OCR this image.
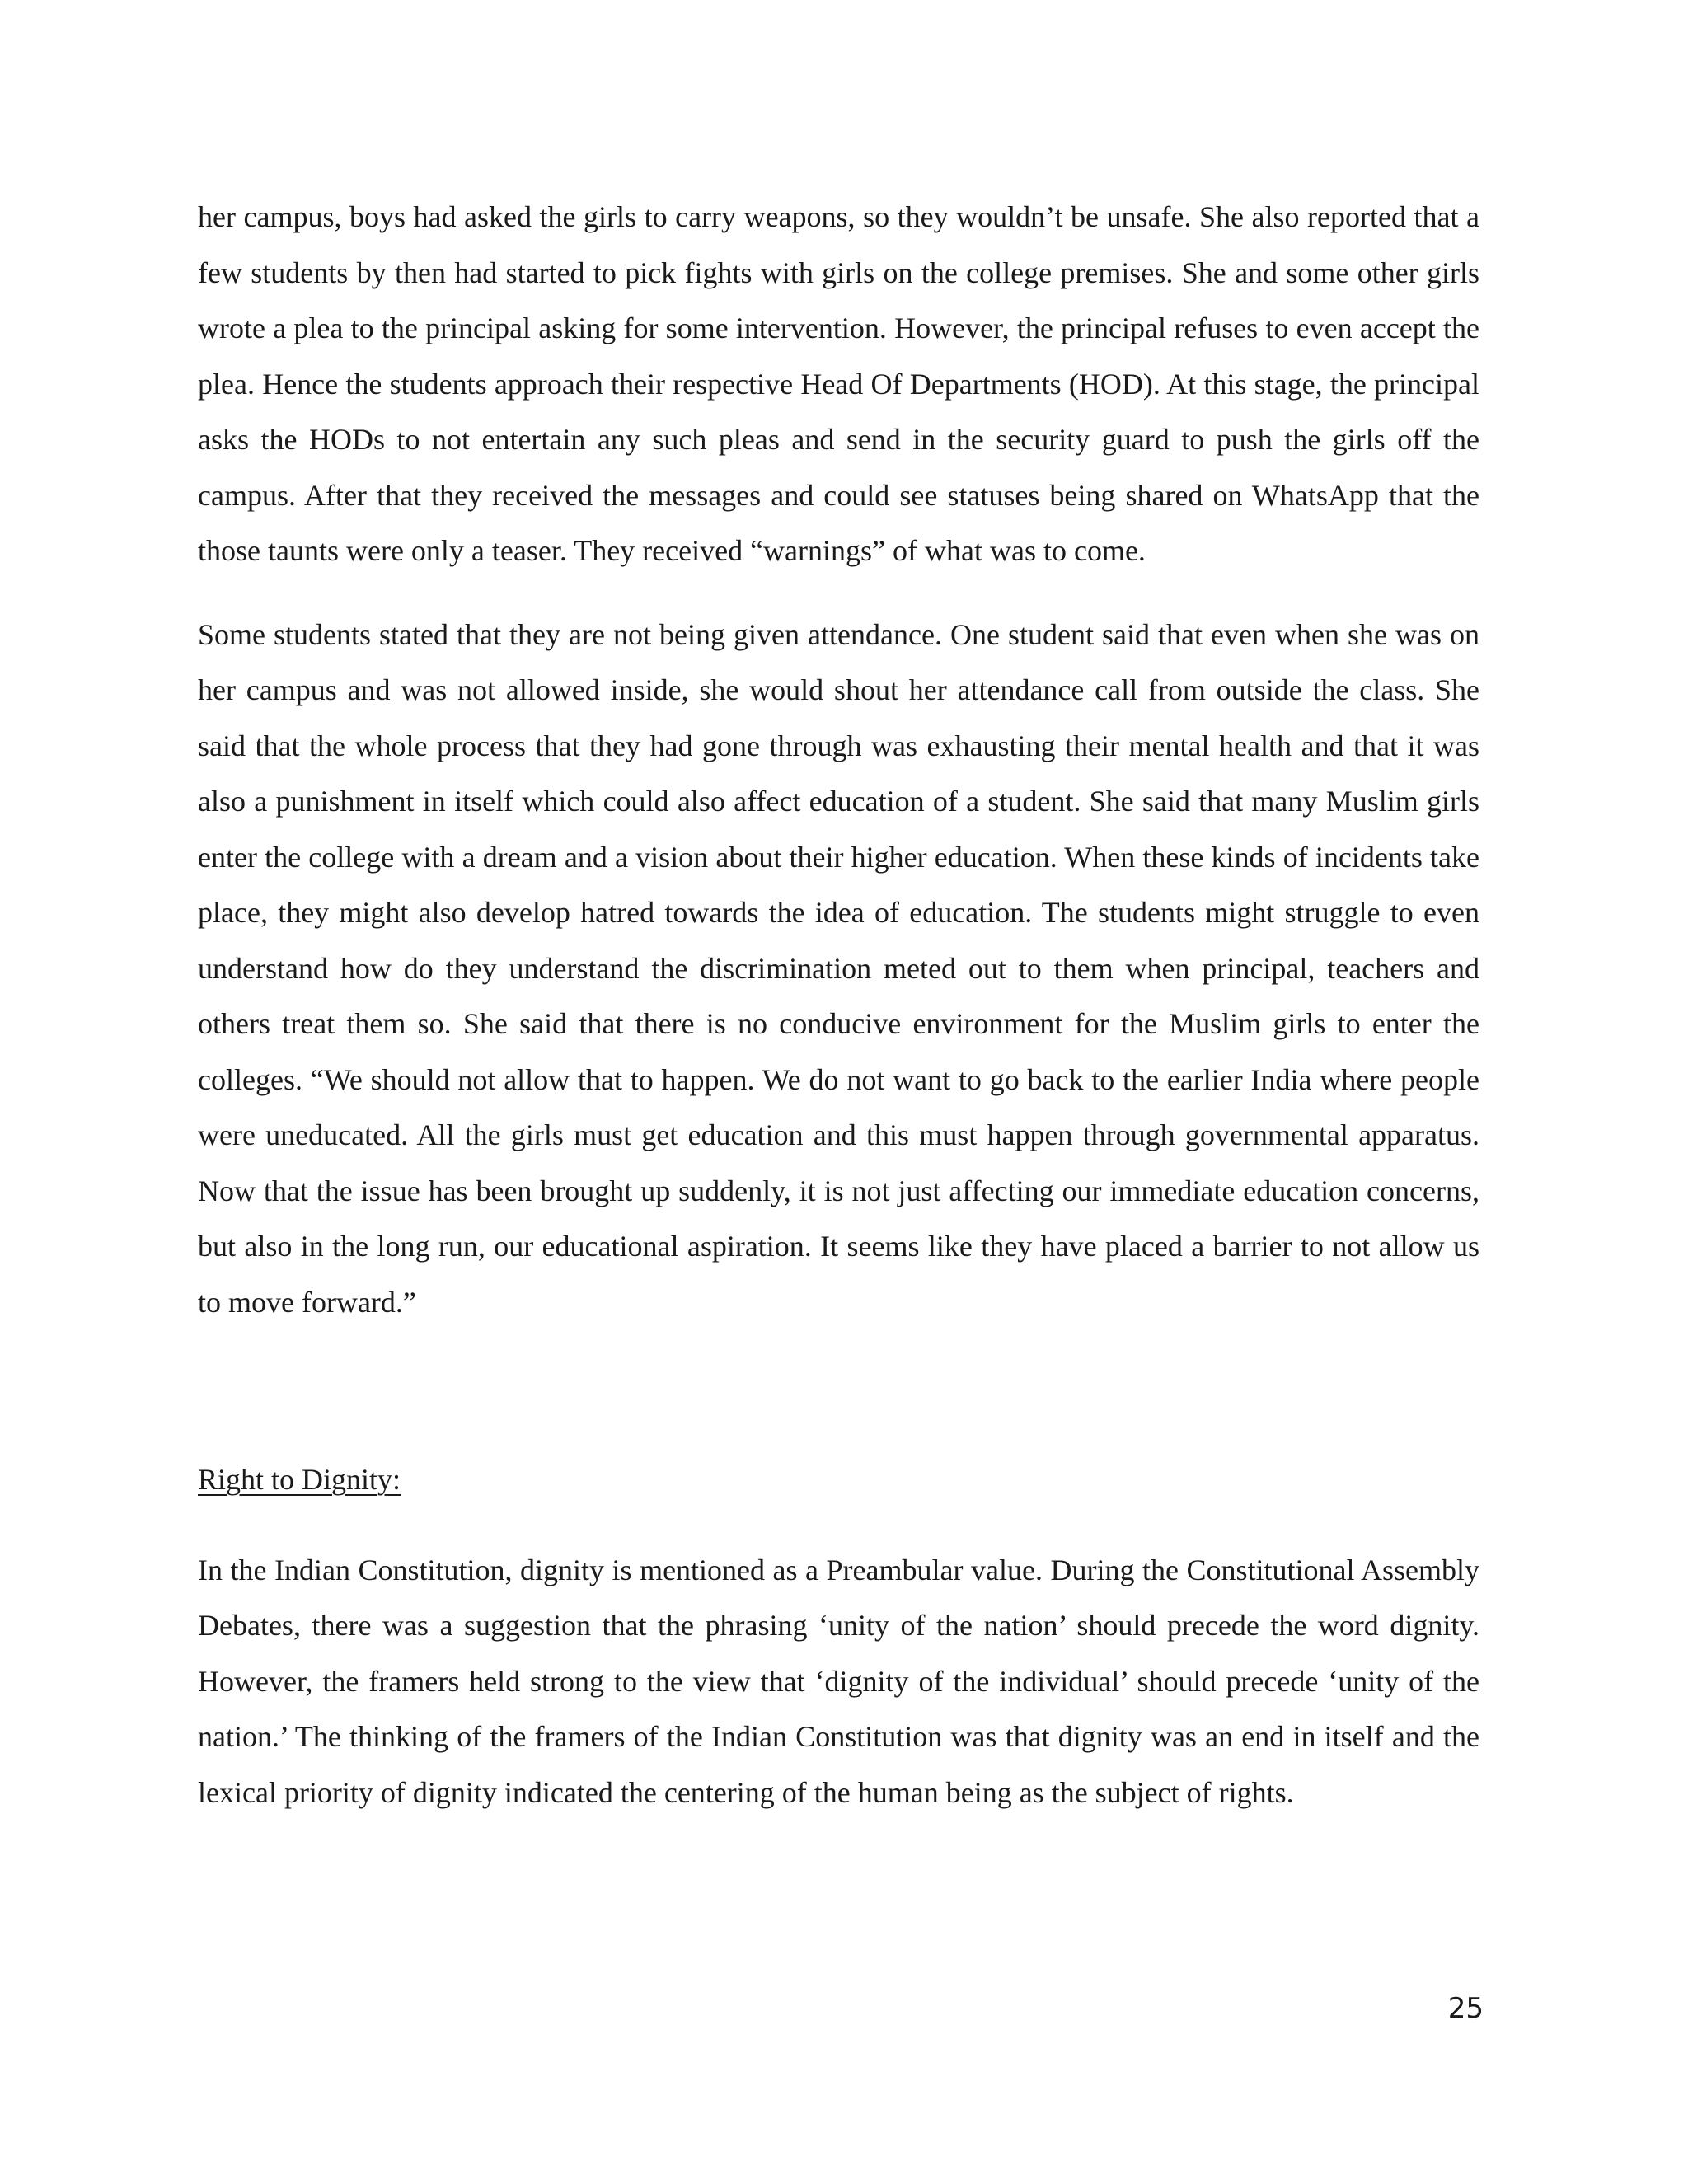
her campus, boys had asked the girls to carry weapons, so they wouldn’t be unsafe. She also reported that a few students by then had started to pick fights with girls on the college premises. She and some other girls wrote a plea to the principal asking for some intervention. However, the principal refuses to even accept the plea. Hence the students approach their respective Head Of Departments (HOD). At this stage, the principal asks the HODs to not entertain any such pleas and send in the security guard to push the girls off the campus. After that they received the messages and could see statuses being shared on WhatsApp that the those taunts were only a teaser. They received “warnings” of what was to come.

Some students stated that they are not being given attendance. One student said that even when she was on her campus and was not allowed inside, she would shout her attendance call from outside the class. She said that the whole process that they had gone through was exhausting their mental health and that it was also a punishment in itself which could also affect education of a student. She said that many Muslim girls enter the college with a dream and a vision about their higher education. When these kinds of incidents take place, they might also develop hatred towards the idea of education. The students might struggle to even understand how do they understand the discrimination meted out to them when principal, teachers and others treat them so. She said that there is no conducive environment for the Muslim girls to enter the colleges. “We should not allow that to happen. We do not want to go back to the earlier India where people were uneducated. All the girls must get education and this must happen through governmental apparatus. Now that the issue has been brought up suddenly, it is not just affecting our immediate education concerns, but also in the long run, our educational aspiration. It seems like they have placed a barrier to not allow us to move forward.”

Right to Dignity:

In the Indian Constitution, dignity is mentioned as a Preambular value. During the Constitutional Assembly Debates, there was a suggestion that the phrasing ‘unity of the nation’ should precede the word dignity. However, the framers held strong to the view that ‘dignity of the individual’ should precede ‘unity of the nation.’ The thinking of the framers of the Indian Constitution was that dignity was an end in itself and the lexical priority of dignity indicated the centering of the human being as the subject of rights.

25
